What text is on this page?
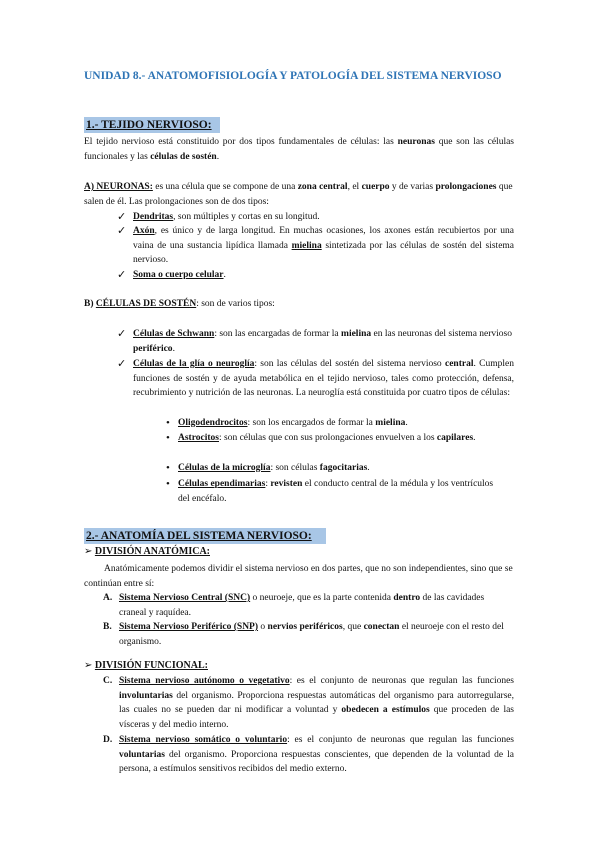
UNIDAD 8.- ANATOMOFISIOLOGÍA Y PATOLOGÍA DEL SISTEMA NERVIOSO
1.- TEJIDO NERVIOSO:
El tejido nervioso está constituido por dos tipos fundamentales de células: las neuronas que son las células funcionales y las células de sostén.
A) NEURONAS: es una célula que se compone de una zona central, el cuerpo y de varias prolongaciones que salen de él. Las prolongaciones son de dos tipos:
✓ Dendritas, son múltiples y cortas en su longitud.
✓ Axón, es único y de larga longitud. En muchas ocasiones, los axones están recubiertos por una vaina de una sustancia lipídica llamada mielina sintetizada por las células de sostén del sistema nervioso.
✓ Soma o cuerpo celular.
B) CÉLULAS DE SOSTÉN: son de varios tipos:
✓ Células de Schwann: son las encargadas de formar la mielina en las neuronas del sistema nervioso periférico.
✓ Células de la glía o neuroglía: son las células del sostén del sistema nervioso central. Cumplen funciones de sostén y de ayuda metabólica en el tejido nervioso, tales como protección, defensa, recubrimiento y nutrición de las neuronas. La neuroglía está constituida por cuatro tipos de células:
• Oligodendrocitos: son los encargados de formar la mielina.
• Astrocitos: son células que con sus prolongaciones envuelven a los capilares.
• Células de la microglía: son células fagocitarias.
• Células ependimarias: revisten el conducto central de la médula y los ventrículos del encéfalo.
2.- ANATOMÍA DEL SISTEMA NERVIOSO:
➢ DIVISIÓN ANATÓMICA:
Anatómicamente podemos dividir el sistema nervioso en dos partes, que no son independientes, sino que se continúan entre sí:
A. Sistema Nervioso Central (SNC) o neuroeje, que es la parte contenida dentro de las cavidades craneal y raquídea.
B. Sistema Nervioso Periférico (SNP) o nervios periféricos, que conectan el neuroeje con el resto del organismo.
➢ DIVISIÓN FUNCIONAL:
C. Sistema nervioso autónomo o vegetativo: es el conjunto de neuronas que regulan las funciones involuntarias del organismo. Proporciona respuestas automáticas del organismo para autorregularse, las cuales no se pueden dar ni modificar a voluntad y obedecen a estímulos que proceden de las vísceras y del medio interno.
D. Sistema nervioso somático o voluntario: es el conjunto de neuronas que regulan las funciones voluntarias del organismo. Proporciona respuestas conscientes, que dependen de la voluntad de la persona, a estímulos sensitivos recibidos del medio externo.
